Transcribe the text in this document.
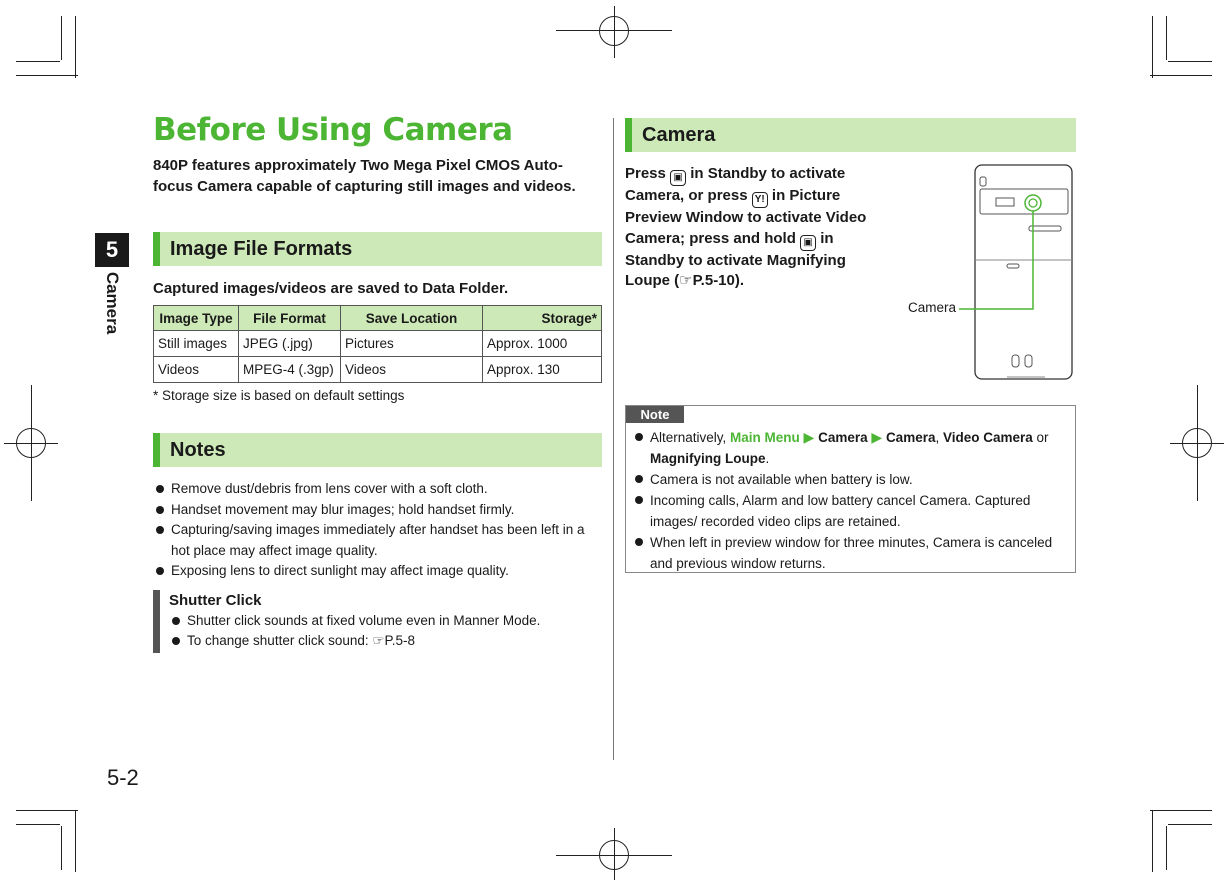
5
Camera
5-2
Before Using Camera
840P features approximately Two Mega Pixel CMOS Auto-focus Camera capable of capturing still images and videos.
Image File Formats
Captured images/videos are saved to Data Folder.
Image Type	File Format	Save Location	Storage*
Still images	JPEG (.jpg)	Pictures	Approx. 1000
Videos	MPEG-4 (.3gp)	Videos	Approx. 130
* Storage size is based on default settings
Notes
Remove dust/debris from lens cover with a soft cloth.
Handset movement may blur images; hold handset firmly.
Capturing/saving images immediately after handset has been left in a hot place may affect image quality.
Exposing lens to direct sunlight may affect image quality.
Shutter Click
Shutter click sounds at fixed volume even in Manner Mode.
To change shutter click sound: ☞P.5-8
Camera
Press ▣ in Standby to activate Camera, or press Y! in Picture Preview Window to activate Video Camera; press and hold ▣ in Standby to activate Magnifying Loupe (☞P.5-10).
Camera
Note
Alternatively, Main Menu ▶ Camera ▶ Camera, Video Camera or Magnifying Loupe.
Camera is not available when battery is low.
Incoming calls, Alarm and low battery cancel Camera. Captured images/ recorded video clips are retained.
When left in preview window for three minutes, Camera is canceled and previous window returns.
